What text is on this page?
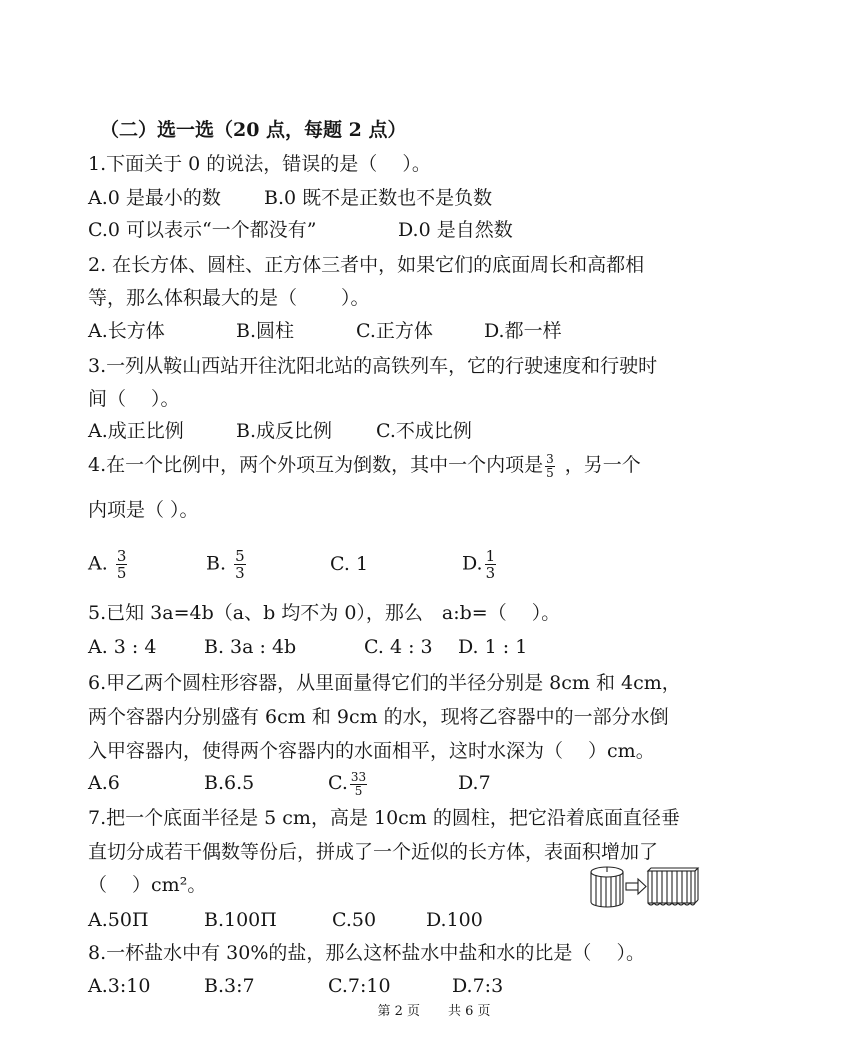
（二）选一选（20 点，每题 2 点）
1.下面关于 0 的说法，错误的是（　 ）。
A.0 是最小的数 B.0 既不是正数也不是负数
C.0 可以表示“一个都没有”	D.0 是自然数
2. 在长方体、圆柱、正方体三者中，如果它们的底面周长和高都相
等，那么体积最大的是（　　 ）。
A.长方体	B.圆柱	C.正方体	D.都一样
3.一列从鞍山西站开往沈阳北站的高铁列车，它的行驶速度和行驶时
间（　 ）。
A.成正比例	B.成反比例 C.不成比例
4.在一个比例中，两个外项互为倒数，其中一个内项是 $\frac{3}{5}$ ，另一个
内项是（ ）。
A. $\frac{3}{5}$	B. $\frac{5}{3}$	C. 1	D. $\frac{1}{3}$
5.已知 3a=4b（a、b 均不为 0），那么　a:b=（　 ）。
A. 3 : 4	B. 3a : 4b	C. 4 : 3 D. 1 : 1
6.甲乙两个圆柱形容器，从里面量得它们的半径分别是 8cm 和 4cm，
两个容器内分别盛有 6cm 和 9cm 的水，现将乙容器中的一部分水倒
入甲容器内，使得两个容器内的水面相平，这时水深为（　 ）cm。
A.6	B.6.5	C. $\frac{33}{5}$	D.7
7.把一个底面半径是 5 cm，高是 10cm 的圆柱，把它沿着底面直径垂
直切分成若干偶数等份后，拼成了一个近似的长方体，表面积增加了
（　 ）cm²。
A.50Π	B.100Π	C.50	D.100
8.一杯盐水中有 30%的盐，那么这杯盐水中盐和水的比是（　 ）。
A.3:10	B.3:7	C.7:10	D.7:3
第 2 页 共 6 页
